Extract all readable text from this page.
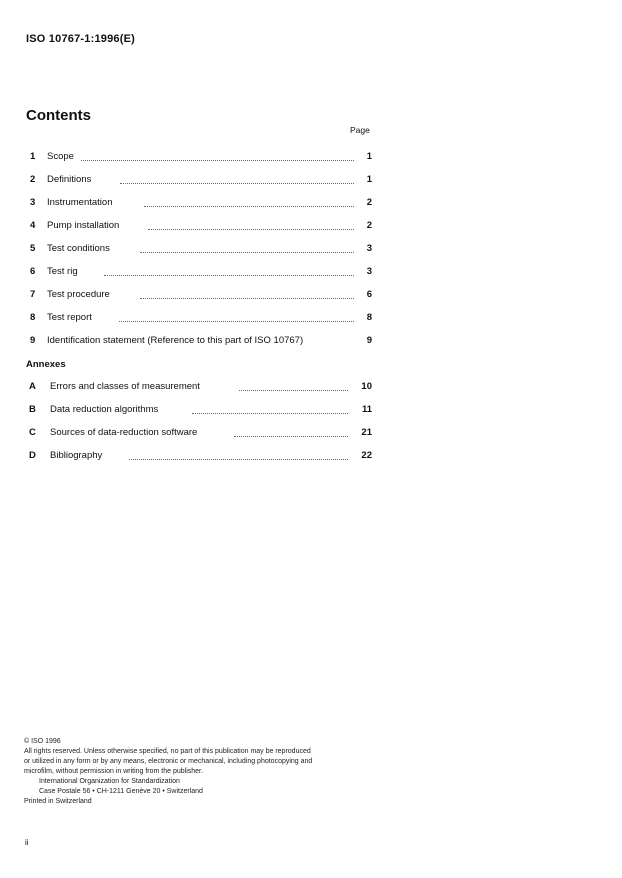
ISO 10767-1:1996(E)
Contents
Page
1 Scope	1
2 Definitions	1
3 Instrumentation	2
4 Pump installation	2
5 Test conditions	3
6 Test rig	3
7 Test procedure	6
8 Test report	8
9 Identification statement (Reference to this part of ISO 10767)	9
Annexes
A Errors and classes of measurement	10
B Data reduction algorithms	11
C Sources of data-reduction software	21
D Bibliography	22
© ISO 1996
All rights reserved. Unless otherwise specified, no part of this publication may be reproduced
or utilized in any form or by any means, electronic or mechanical, including photocopying and
microfilm, without permission in writing from the publisher.
International Organization for Standardization
Case Postale 56 • CH-1211 Genève 20 • Switzerland
Printed in Switzerland
ii
